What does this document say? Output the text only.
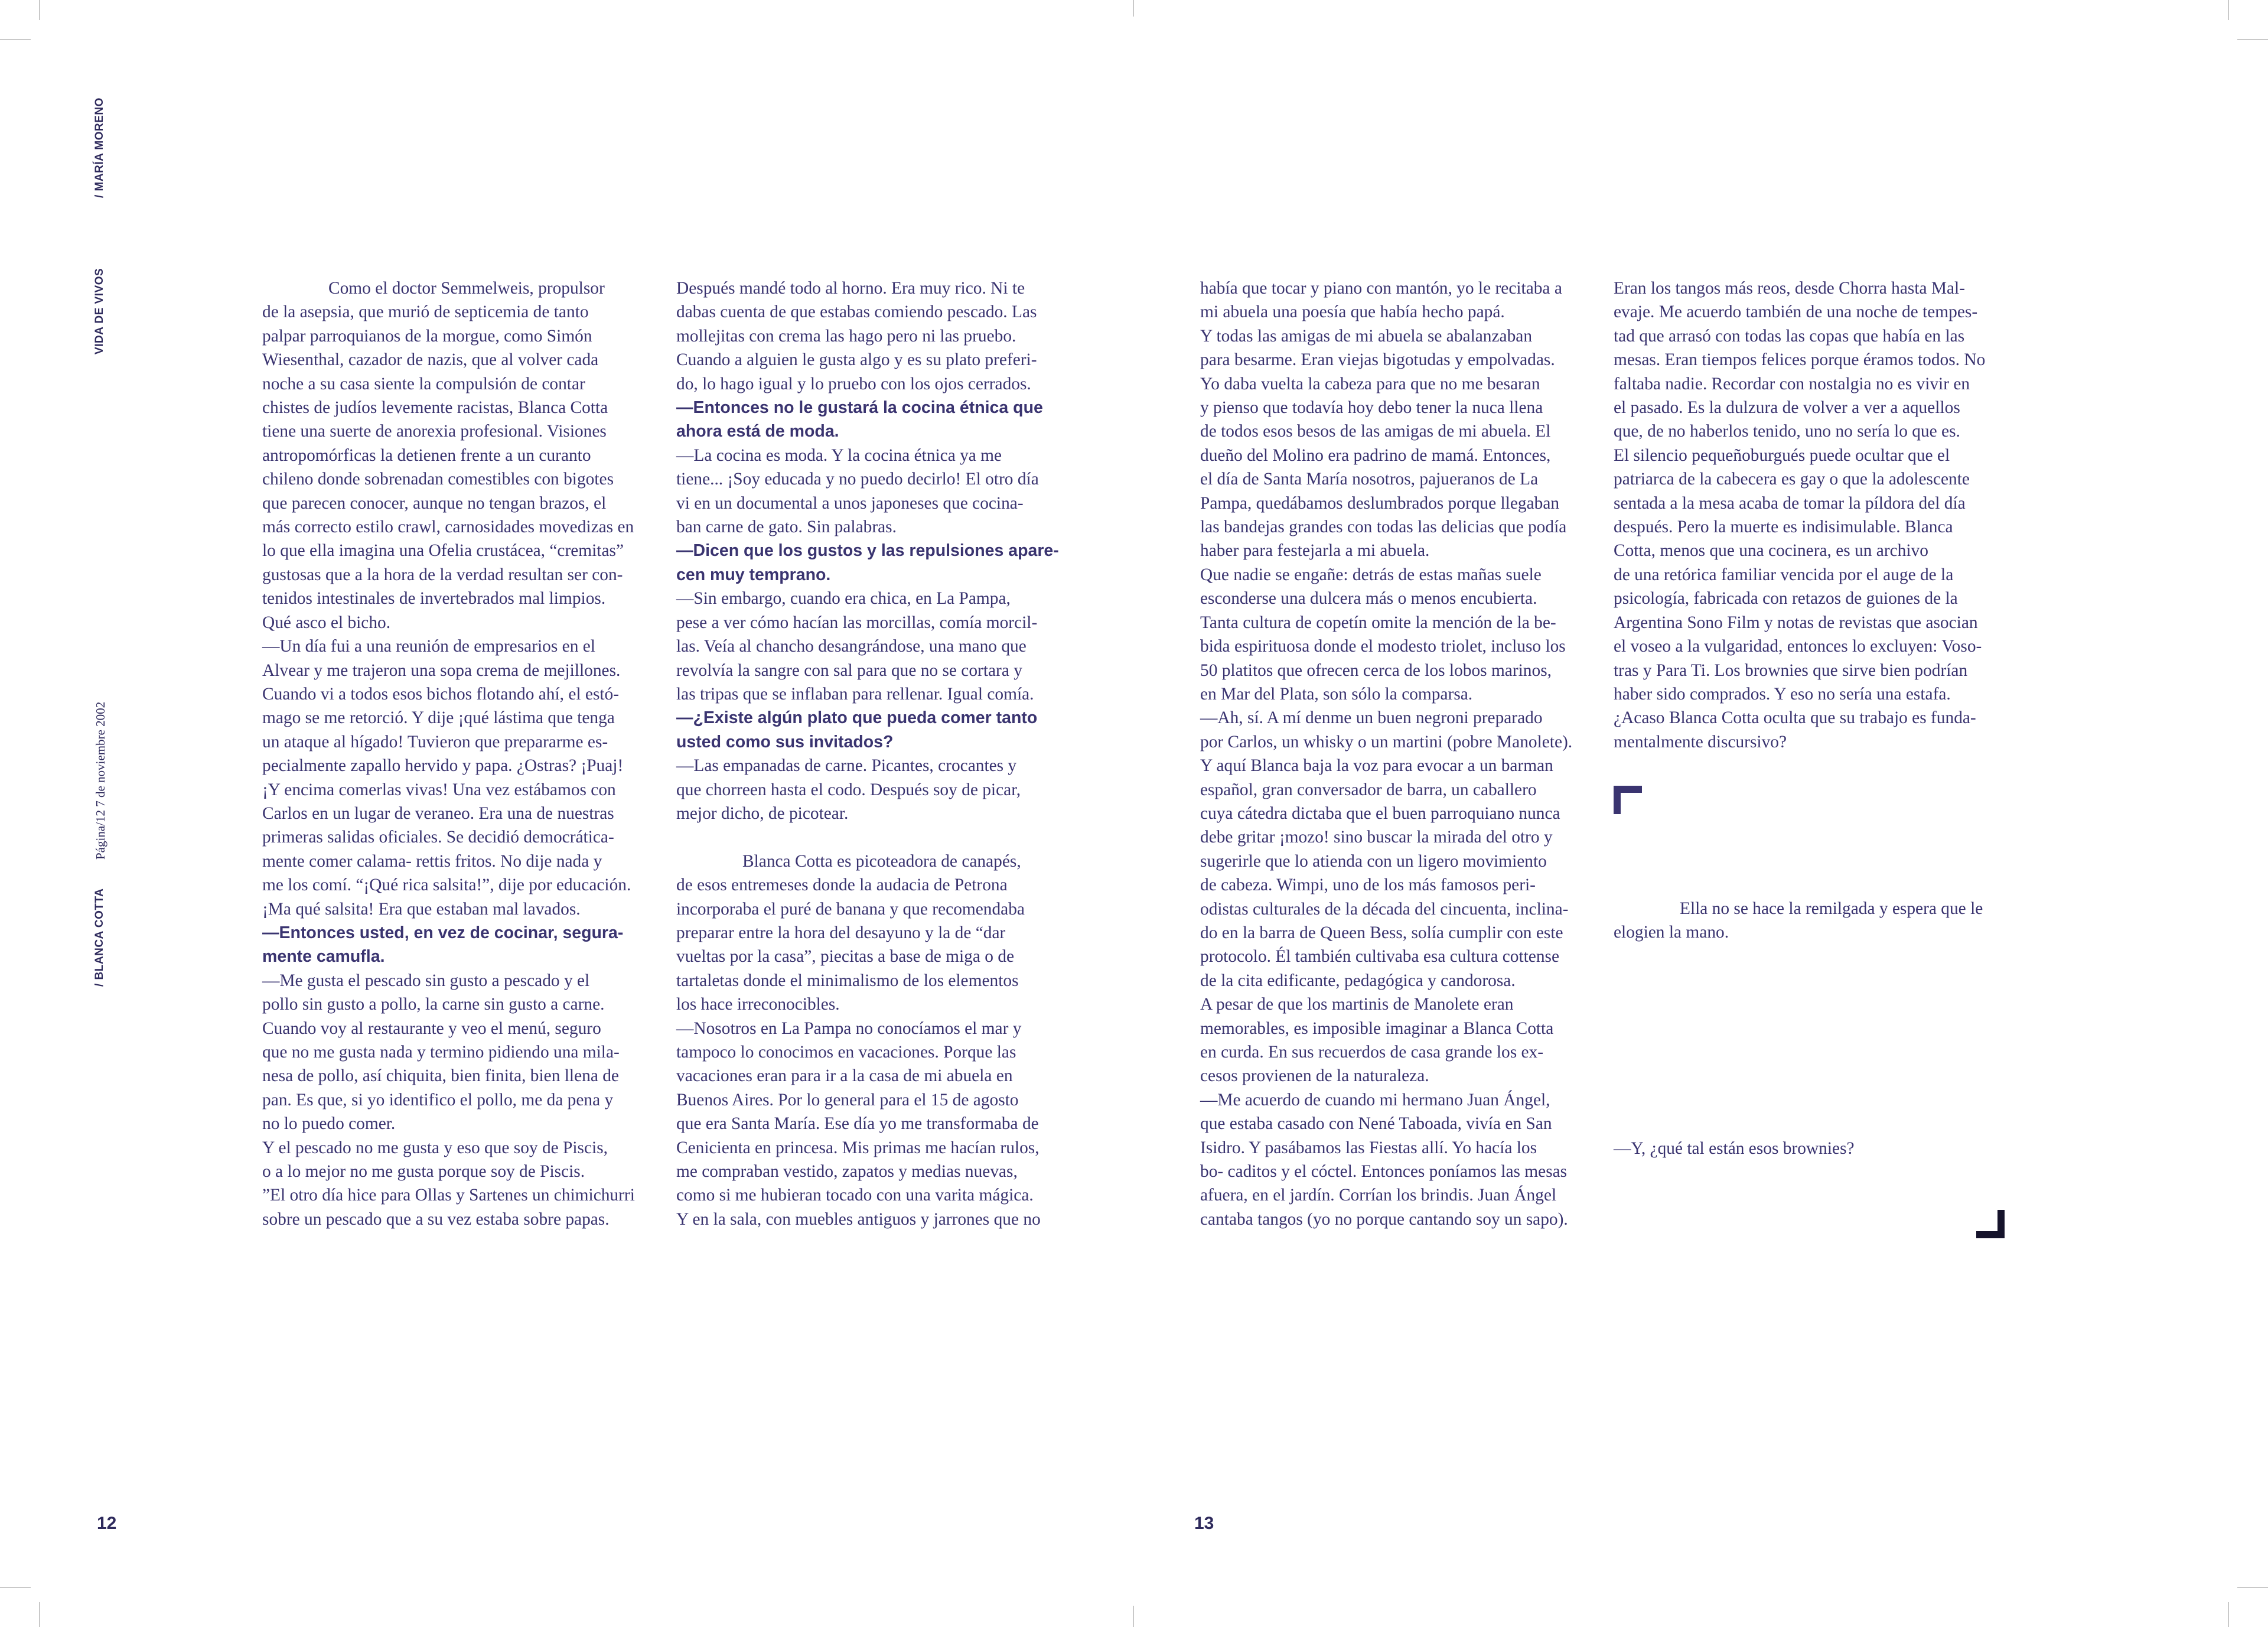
/ MARÍA MORENO
VIDA DE VIVOS
Página/12 7 de noviembre 2002
/ BLANCA COTTA

Como el doctor Semmelweis, propulsor

de la asepsia, que murió de septicemia de tanto

palpar parroquianos de la morgue, como Simón

Wiesenthal, cazador de nazis, que al volver cada

noche a su casa siente la compulsión de contar

chistes de judíos levemente racistas, Blanca Cotta

tiene una suerte de anorexia profesional. Visiones

antropomórficas la detienen frente a un curanto

chileno donde sobrenadan comestibles con bigotes

que parecen conocer, aunque no tengan brazos, el

más correcto estilo crawl, carnosidades movedizas en

lo que ella imagina una Ofelia crustácea, “cremitas”

gustosas que a la hora de la verdad resultan ser con-

tenidos intestinales de invertebrados mal limpios.

Qué asco el bicho.

—Un día fui a una reunión de empresarios en el

Alvear y me trajeron una sopa crema de mejillones.

Cuando vi a todos esos bichos flotando ahí, el estó-

mago se me retorció. Y dije ¡qué lástima que tenga

un ataque al hígado! Tuvieron que prepararme es-

pecialmente zapallo hervido y papa. ¿Ostras? ¡Puaj!

¡Y encima comerlas vivas! Una vez estábamos con

Carlos en un lugar de veraneo. Era una de nuestras

primeras salidas oficiales. Se decidió democrática-

mente comer calama- rettis fritos. No dije nada y

me los comí. “¡Qué rica salsita!”, dije por educación.

¡Ma qué salsita! Era que estaban mal lavados.

—Entonces usted, en vez de cocinar, segura-

mente camufla.

—Me gusta el pescado sin gusto a pescado y el

pollo sin gusto a pollo, la carne sin gusto a carne.

Cuando voy al restaurante y veo el menú, seguro

que no me gusta nada y termino pidiendo una mila-

nesa de pollo, así chiquita, bien finita, bien llena de

pan. Es que, si yo identifico el pollo, me da pena y

no lo puedo comer.

Y el pescado no me gusta y eso que soy de Piscis,

o a lo mejor no me gusta porque soy de Piscis.

”El otro día hice para Ollas y Sartenes un chimichurri

sobre un pescado que a su vez estaba sobre papas.

Después mandé todo al horno. Era muy rico. Ni te

dabas cuenta de que estabas comiendo pescado. Las

mollejitas con crema las hago pero ni las pruebo.

Cuando a alguien le gusta algo y es su plato preferi-

do, lo hago igual y lo pruebo con los ojos cerrados.

—Entonces no le gustará la cocina étnica que

ahora está de moda.

—La cocina es moda. Y la cocina étnica ya me

tiene... ¡Soy educada y no puedo decirlo! El otro día

vi en un documental a unos japoneses que cocina-

ban carne de gato. Sin palabras.

—Dicen que los gustos y las repulsiones apare-

cen muy temprano.

—Sin embargo, cuando era chica, en La Pampa,

pese a ver cómo hacían las morcillas, comía morcil-

las. Veía al chancho desangrándose, una mano que

revolvía la sangre con sal para que no se cortara y

las tripas que se inflaban para rellenar. Igual comía.

—¿Existe algún plato que pueda comer tanto

usted como sus invitados?

—Las empanadas de carne. Picantes, crocantes y

que chorreen hasta el codo. Después soy de picar,

mejor dicho, de picotear.

Blanca Cotta es picoteadora de canapés,

de esos entremeses donde la audacia de Petrona

incorporaba el puré de banana y que recomendaba

preparar entre la hora del desayuno y la de “dar

vueltas por la casa”, piecitas a base de miga o de

tartaletas donde el minimalismo de los elementos

los hace irreconocibles.

—Nosotros en La Pampa no conocíamos el mar y

tampoco lo conocimos en vacaciones. Porque las

vacaciones eran para ir a la casa de mi abuela en

Buenos Aires. Por lo general para el 15 de agosto

que era Santa María. Ese día yo me transformaba de

Cenicienta en princesa. Mis primas me hacían rulos,

me compraban vestido, zapatos y medias nuevas,

como si me hubieran tocado con una varita mágica.

Y en la sala, con muebles antiguos y jarrones que no

había que tocar y piano con mantón, yo le recitaba a

mi abuela una poesía que había hecho papá.

Y todas las amigas de mi abuela se abalanzaban

para besarme. Eran viejas bigotudas y empolvadas.

Yo daba vuelta la cabeza para que no me besaran

y pienso que todavía hoy debo tener la nuca llena

de todos esos besos de las amigas de mi abuela. El

dueño del Molino era padrino de mamá. Entonces,

el día de Santa María nosotros, pajueranos de La

Pampa, quedábamos deslumbrados porque llegaban

las bandejas grandes con todas las delicias que podía

haber para festejarla a mi abuela.

Que nadie se engañe: detrás de estas mañas suele

esconderse una dulcera más o menos encubierta.

Tanta cultura de copetín omite la mención de la be-

bida espirituosa donde el modesto triolet, incluso los

50 platitos que ofrecen cerca de los lobos marinos,

en Mar del Plata, son sólo la comparsa.

—Ah, sí. A mí denme un buen negroni preparado

por Carlos, un whisky o un martini (pobre Manolete).

Y aquí Blanca baja la voz para evocar a un barman

español, gran conversador de barra, un caballero

cuya cátedra dictaba que el buen parroquiano nunca

debe gritar ¡mozo! sino buscar la mirada del otro y

sugerirle que lo atienda con un ligero movimiento

de cabeza. Wimpi, uno de los más famosos peri-

odistas culturales de la década del cincuenta, inclina-

do en la barra de Queen Bess, solía cumplir con este

protocolo. Él también cultivaba esa cultura cottense

de la cita edificante, pedagógica y candorosa.

A pesar de que los martinis de Manolete eran

memorables, es imposible imaginar a Blanca Cotta

en curda. En sus recuerdos de casa grande los ex-

cesos provienen de la naturaleza.

—Me acuerdo de cuando mi hermano Juan Ángel,

que estaba casado con Nené Taboada, vivía en San

Isidro. Y pasábamos las Fiestas allí. Yo hacía los

bo- caditos y el cóctel. Entonces poníamos las mesas

afuera, en el jardín. Corrían los brindis. Juan Ángel

cantaba tangos (yo no porque cantando soy un sapo).

Eran los tangos más reos, desde Chorra hasta Mal-

evaje. Me acuerdo también de una noche de tempes-

tad que arrasó con todas las copas que había en las

mesas. Eran tiempos felices porque éramos todos. No

faltaba nadie. Recordar con nostalgia no es vivir en

el pasado. Es la dulzura de volver a ver a aquellos

que, de no haberlos tenido, uno no sería lo que es.

El silencio pequeñoburgués puede ocultar que el

patriarca de la cabecera es gay o que la adolescente

sentada a la mesa acaba de tomar la píldora del día

después. Pero la muerte es indisimulable. Blanca

Cotta, menos que una cocinera, es un archivo

de una retórica familiar vencida por el auge de la

psicología, fabricada con retazos de guiones de la

Argentina Sono Film y notas de revistas que asocian

el voseo a la vulgaridad, entonces lo excluyen: Voso-

tras y Para Ti. Los brownies que sirve bien podrían

haber sido comprados. Y eso no sería una estafa.

¿Acaso Blanca Cotta oculta que su trabajo es funda-

mentalmente discursivo?

Ella no se hace la remilgada y espera que le elogien la mano.

—Y, ¿qué tal están esos brownies?

12	13
